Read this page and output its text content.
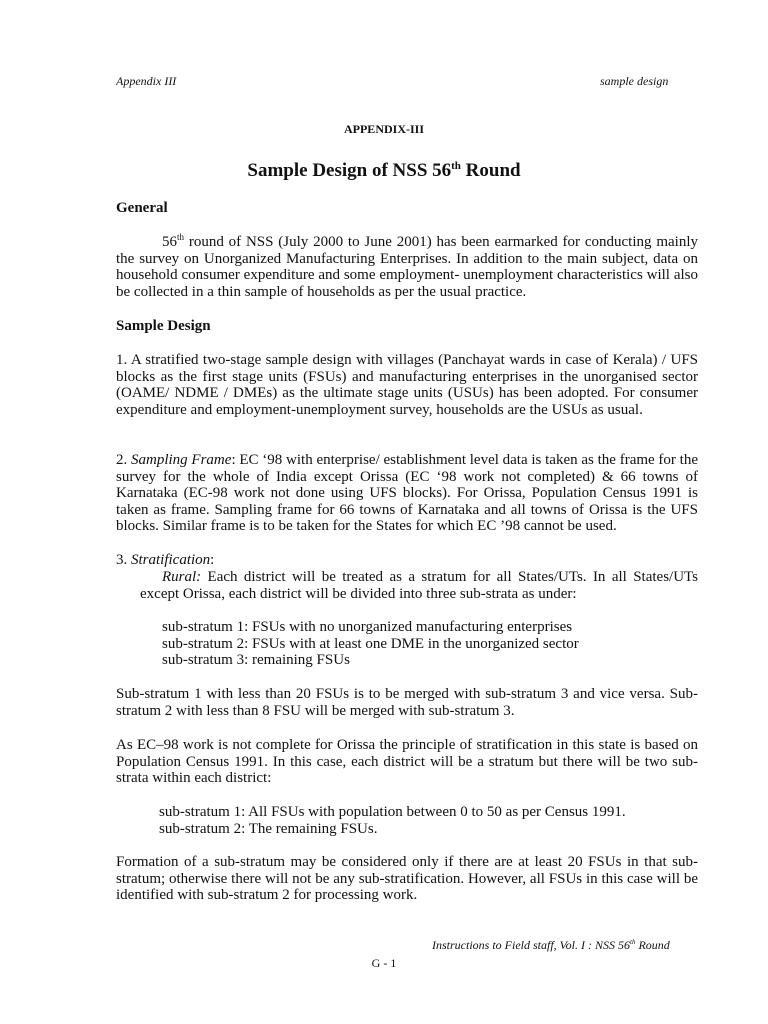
Appendix III	sample design
APPENDIX-III
Sample Design of NSS 56th Round
General

56th round of NSS (July 2000 to June 2001) has been earmarked for conducting mainly the survey on Unorganized Manufacturing Enterprises. In addition to the main subject, data on household consumer expenditure and some employment- unemployment characteristics will also be collected in a thin sample of households as per the usual practice.

Sample Design

1. A stratified two-stage sample design with villages (Panchayat wards in case of Kerala) / UFS blocks as the first stage units (FSUs) and manufacturing enterprises in the unorganised sector (OAME/ NDME / DMEs) as the ultimate stage units (USUs) has been adopted. For consumer expenditure and employment-unemployment survey, households are the USUs as usual.

2. Sampling Frame: EC ‘98 with enterprise/ establishment level data is taken as the frame for the survey for the whole of India except Orissa (EC ‘98 work not completed) & 66 towns of Karnataka (EC-98 work not done using UFS blocks). For Orissa, Population Census 1991 is taken as frame. Sampling frame for 66 towns of Karnataka and all towns of Orissa is the UFS blocks. Similar frame is to be taken for the States for which EC ’98 cannot be used.

3. Stratification:

Rural: Each district will be treated as a stratum for all States/UTs. In all States/UTs except Orissa, each district will be divided into three sub-strata as under:

sub-stratum 1: FSUs with no unorganized manufacturing enterprises
sub-stratum 2: FSUs with at least one DME in the unorganized sector
sub-stratum 3: remaining FSUs

Sub-stratum 1 with less than 20 FSUs is to be merged with sub-stratum 3 and vice versa. Sub-stratum 2 with less than 8 FSU will be merged with sub-stratum 3.

As EC–98 work is not complete for Orissa the principle of stratification in this state is based on Population Census 1991. In this case, each district will be a stratum but there will be two sub-strata within each district:

sub-stratum 1: All FSUs with population between 0 to 50 as per Census 1991.
sub-stratum 2: The remaining FSUs.

Formation of a sub-stratum may be considered only if there are at least 20 FSUs in that sub-stratum; otherwise there will not be any sub-stratification. However, all FSUs in this case will be identified with sub-stratum 2 for processing work.

Instructions to Field staff, Vol. I : NSS 56th Round
G - 1
